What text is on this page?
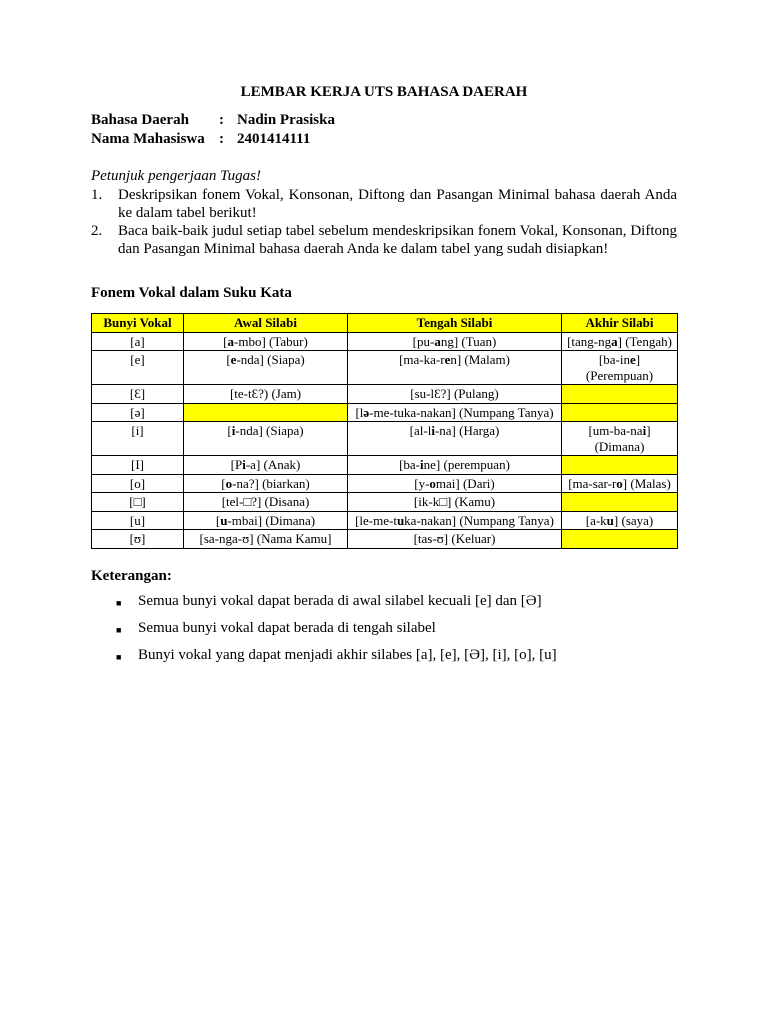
LEMBAR KERJA UTS BAHASA DAERAH
Bahasa Daerah	: Nadin Prasiska
Nama Mahasiswa : 2401414111
Petunjuk pengerjaan Tugas!
1.	Deskripsikan fonem Vokal, Konsonan, Diftong dan Pasangan Minimal bahasa daerah Anda ke dalam tabel berikut!
2.	Baca baik-baik judul setiap tabel sebelum mendeskripsikan fonem Vokal, Konsonan, Diftong dan Pasangan Minimal bahasa daerah Anda ke dalam tabel yang sudah disiapkan!
Fonem Vokal dalam Suku Kata
Bunyi Vokal	Awal Silabi	Tengah Silabi	Akhir Silabi
[a]	[a-mbo] (Tabur)	[pu-ang] (Tuan)	[tang-nga] (Tengah)
[e]	[e-nda] (Siapa)	[ma-ka-ren] (Malam)	[ba-ine] (Perempuan)
[Ɛ]	[te-tƐ?) (Jam)	[su-lƐ?] (Pulang)	
[ə]		[lə-me-tuka-nakan] (Numpang Tanya)	
[i]	[i-nda] (Siapa)	[al-li-na] (Harga)	[um-ba-nai] (Dimana)
[I]	[Pi-a] (Anak)	[ba-ine] (perempuan)	
[o]	[o-na?] (biarkan)	[y-omai] (Dari)	[ma-sar-ro] (Malas)
[□]	[tel-□?] (Disana)	[ik-k□] (Kamu)	
[u]	[u-mbai] (Dimana)	[le-me-tuka-nakan] (Numpang Tanya)	[a-ku] (saya)
[ʊ]	[sa-nga-ʊ] (Nama Kamu]	[tas-ʊ] (Keluar)	
Keterangan:
■	Semua bunyi vokal dapat berada di awal silabel kecuali [e] dan [Ə]
■	Semua bunyi vokal dapat berada di tengah silabel
■	Bunyi vokal yang dapat menjadi akhir silabes [a], [e], [Ə], [i], [o], [u]
